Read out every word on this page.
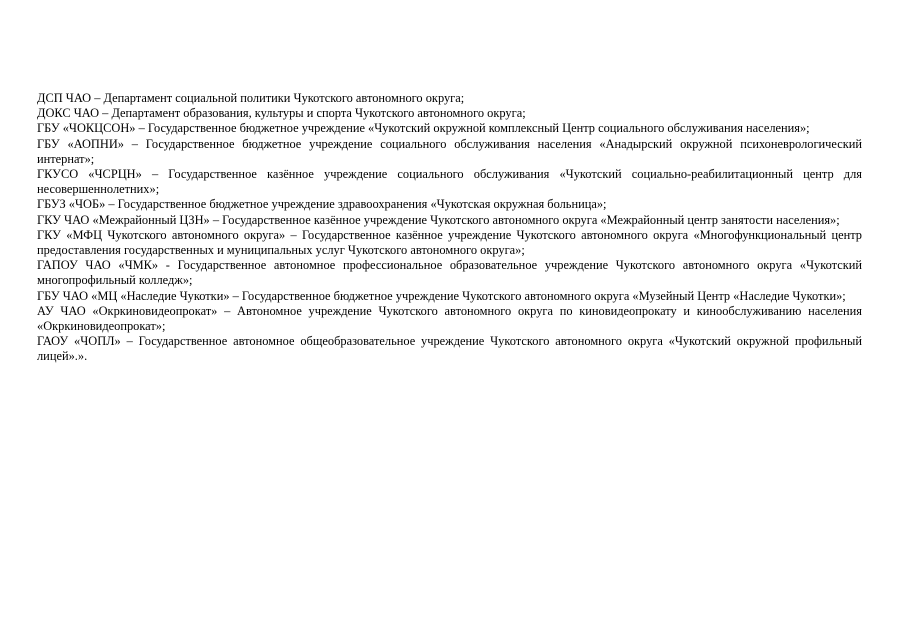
ДСП ЧАО – Департамент социальной политики Чукотского автономного округа;

ДОКС ЧАО – Департамент образования, культуры и спорта Чукотского автономного округа;

ГБУ «ЧОКЦСОН» – Государственное бюджетное учреждение «Чукотский окружной комплексный Центр социального обслуживания населения»;

ГБУ «АОПНИ» – Государственное бюджетное учреждение социального обслуживания населения «Анадырский окружной психоневрологический интернат»;

ГКУСО «ЧСРЦН» – Государственное казённое учреждение социального обслуживания «Чукотский социально-реабилитационный центр для несовершеннолетних»;

ГБУЗ «ЧОБ» – Государственное бюджетное учреждение здравоохранения «Чукотская окружная больница»;

ГКУ ЧАО «Межрайонный ЦЗН» – Государственное казённое учреждение Чукотского автономного округа «Межрайонный центр занятости населения»;

ГКУ «МФЦ Чукотского автономного округа» – Государственное казённое учреждение Чукотского автономного округа «Многофункциональный центр предоставления государственных и муниципальных услуг Чукотского автономного округа»;

ГАПОУ ЧАО «ЧМК» - Государственное автономное профессиональное образовательное учреждение Чукотского автономного округа «Чукотский многопрофильный колледж»;

ГБУ ЧАО «МЦ «Наследие Чукотки» – Государственное бюджетное учреждение Чукотского автономного округа «Музейный Центр «Наследие Чукотки»;

АУ ЧАО «Окркиновидеопрокат» – Автономное учреждение Чукотского автономного округа по киновидеопрокату и кинообслуживанию населения «Окркиновидеопрокат»;

ГАОУ «ЧОПЛ» – Государственное автономное общеобразовательное учреждение Чукотского автономного округа «Чукотский окружной профильный лицей».».
